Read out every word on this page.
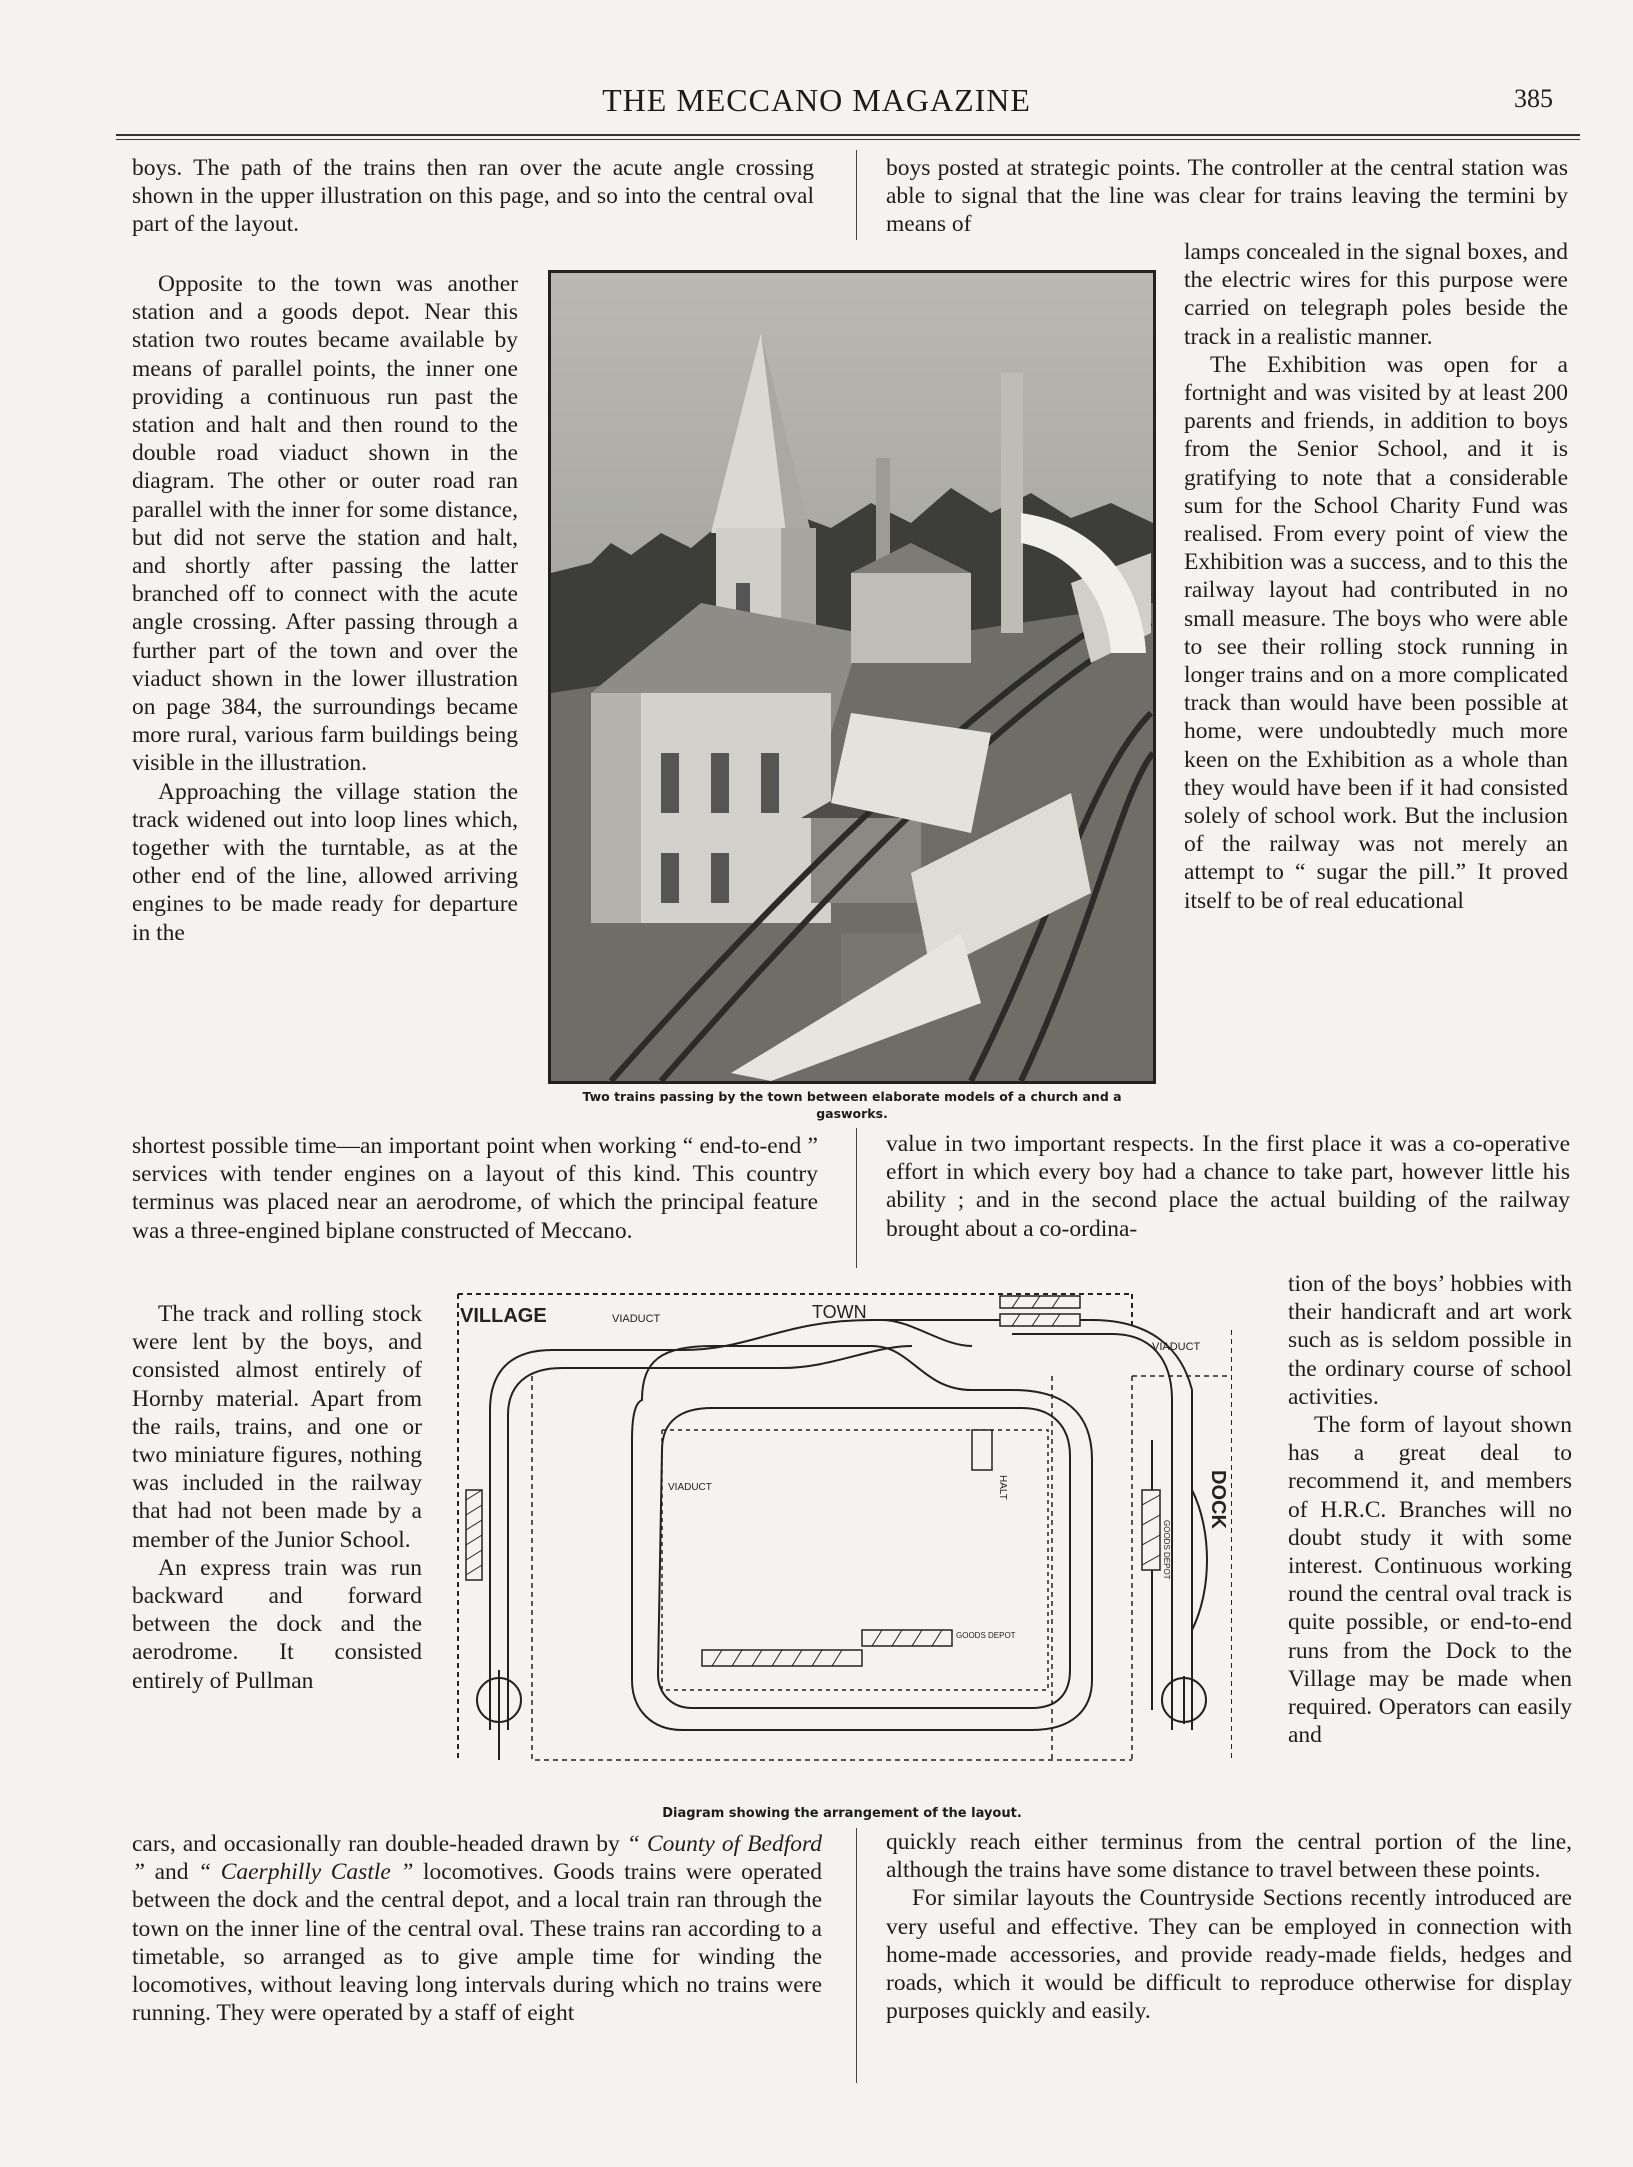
THE MECCANO MAGAZINE	385

boys. The path of the trains then ran over the acute angle crossing shown in the upper illustration on this page, and so into the central oval part of the layout.

boys posted at strategic points. The controller at the central station was able to signal that the line was clear for trains leaving the termini by means of

Opposite to the town was another station and a goods depot. Near this station two routes became available by means of parallel points, the inner one providing a continuous run past the station and halt and then round to the double road viaduct shown in the diagram. The other or outer road ran parallel with the inner for some distance, but did not serve the station and halt, and shortly after passing the latter branched off to connect with the acute angle crossing. After passing through a further part of the town and over the viaduct shown in the lower illustration on page 384, the surroundings became more rural, various farm buildings being visible in the illustration.

Approaching the village station the track widened out into loop lines which, together with the turntable, as at the other end of the line, allowed arriving engines to be made ready for departure in the

lamps concealed in the signal boxes, and the electric wires for this purpose were carried on telegraph poles beside the track in a realistic manner.

The Exhibition was open for a fortnight and was visited by at least 200 parents and friends, in addition to boys from the Senior School, and it is gratifying to note that a considerable sum for the School Charity Fund was realised. From every point of view the Exhibition was a success, and to this the railway layout had contributed in no small measure. The boys who were able to see their rolling stock running in longer trains and on a more complicated track than would have been possible at home, were undoubtedly much more keen on the Exhibition as a whole than they would have been if it had consisted solely of school work. But the inclusion of the railway was not merely an attempt to “ sugar the pill.” It proved itself to be of real educational

Two trains passing by the town between elaborate models of a church and a gasworks.

shortest possible time—an important point when working “ end-to-end ” services with tender engines on a layout of this kind. This country terminus was placed near an aerodrome, of which the principal feature was a three-engined biplane constructed of Meccano.

value in two important respects. In the first place it was a co-operative effort in which every boy had a chance to take part, however little his ability ; and in the second place the actual building of the railway brought about a co-ordina-

The track and rolling stock were lent by the boys, and consisted almost entirely of Hornby material. Apart from the rails, trains, and one or two miniature figures, nothing was included in the railway that had not been made by a member of the Junior School.

An express train was run backward and forward between the dock and the aerodrome. It consisted entirely of Pullman

tion of the boys’ hobbies with their handicraft and art work such as is seldom possible in the ordinary course of school activities.

The form of layout shown has a great deal to recommend it, and members of H.R.C. Branches will no doubt study it with some interest. Continuous working round the central oval track is quite possible, or end-to-end runs from the Dock to the Village may be made when required. Operators can easily and

VILLAGE	VIADUCT	TOWN
VIADUCT
DOCK
VIADUCT	HALT
GOODS DEPOT
GOODS DEPOT
Diagram showing the arrangement of the layout.

cars, and occasionally ran double-headed drawn by “ County of Bedford ” and “ Caerphilly Castle ” locomotives. Goods trains were operated between the dock and the central depot, and a local train ran through the town on the inner line of the central oval. These trains ran according to a timetable, so arranged as to give ample time for winding the locomotives, without leaving long intervals during which no trains were running. They were operated by a staff of eight

quickly reach either terminus from the central portion of the line, although the trains have some distance to travel between these points.

For similar layouts the Countryside Sections recently introduced are very useful and effective. They can be employed in connection with home-made accessories, and provide ready-made fields, hedges and roads, which it would be difficult to reproduce otherwise for display purposes quickly and easily.
